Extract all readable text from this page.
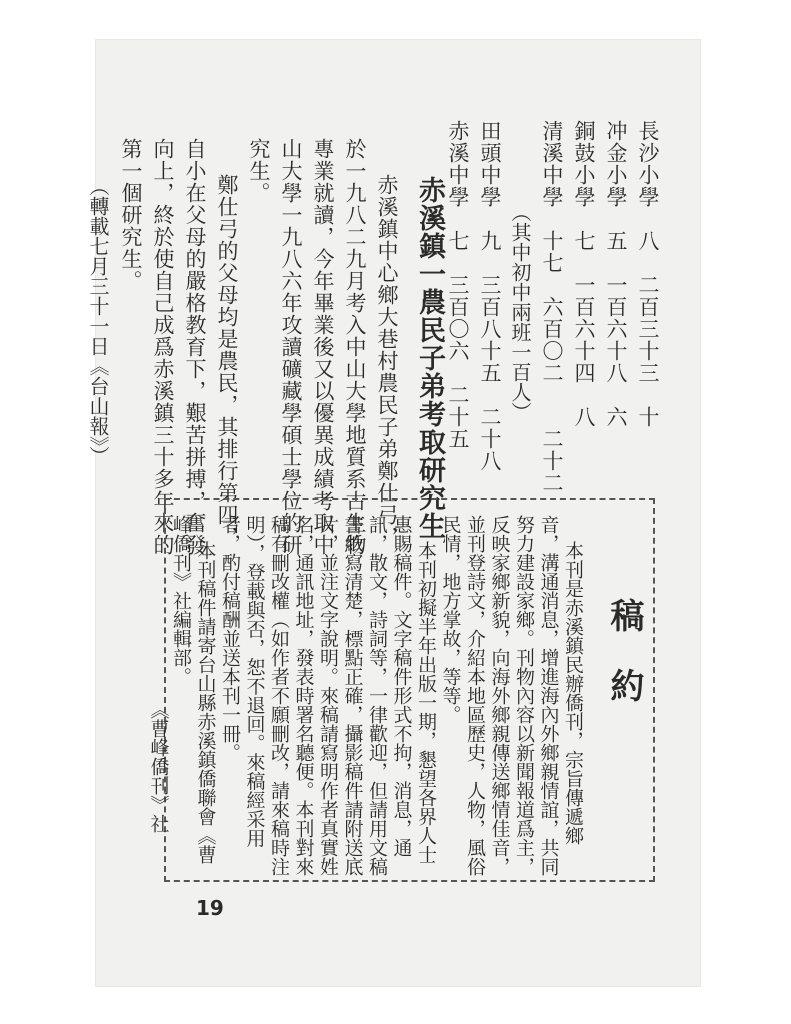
長沙小學　八　二百三十三　十
冲金小學　五　一百六十八　六
銅鼓小學　七　一百六十四　八
清溪中學　十七　六百〇二　　二十二
（其中初中兩班一百人）
田頭中學　九　三百八十五　二十八
赤溪中學　七　三百〇六　二十五
赤溪鎮一農民子弟考取研究生
赤溪鎮中心鄉大巷村農民子弟鄭仕弓，
於一九八二九月考入中山大學地質系古生物
專業就讀，今年畢業後又以優異成績考取中
山大學一九八六年攻讀礦藏學碩士學位的研
究生。
鄭仕弓的父母均是農民，其排行第四，
自小在父母的嚴格教育下，艱苦拼搏，奮發
向上，終於使自己成爲赤溪鎮三十多年來的
第一個研究生。
（轉載七月三十一日《台山報》）
稿約
本刊是赤溪鎮民辦僑刊，宗旨傳遞鄉
音，溝通消息，增進海內外鄉親情誼，共同
努力建設家鄉。刊物內容以新聞報道爲主，
反映家鄉新貌，向海外鄉親傳送鄉情佳音，
並刊登詩文，介紹本地區歷史，人物，風俗
民情，地方掌故，等等。
本刊初擬半年出版一期，懇望各界人士
惠賜稿件。文字稿件形式不拘，消息，通
訊，散文，詩詞等，一律歡迎，但請用文稿
書紙寫清楚，標點正確，攝影稿件請附送底
片，並注文字說明。來稿請寫明作者真實姓
名，通訊地址，發表時署名聽便。本刊對來
稿有刪改權（如作者不願刪改，請來稿時注
明），登載與否，恕不退回。來稿經采用
者，酌付稿酬並送本刊一冊。
本刊稿件請寄台山縣赤溪鎮僑聯會《曹
峰僑刊》社編輯部。
《曹峰僑刊》社
19
